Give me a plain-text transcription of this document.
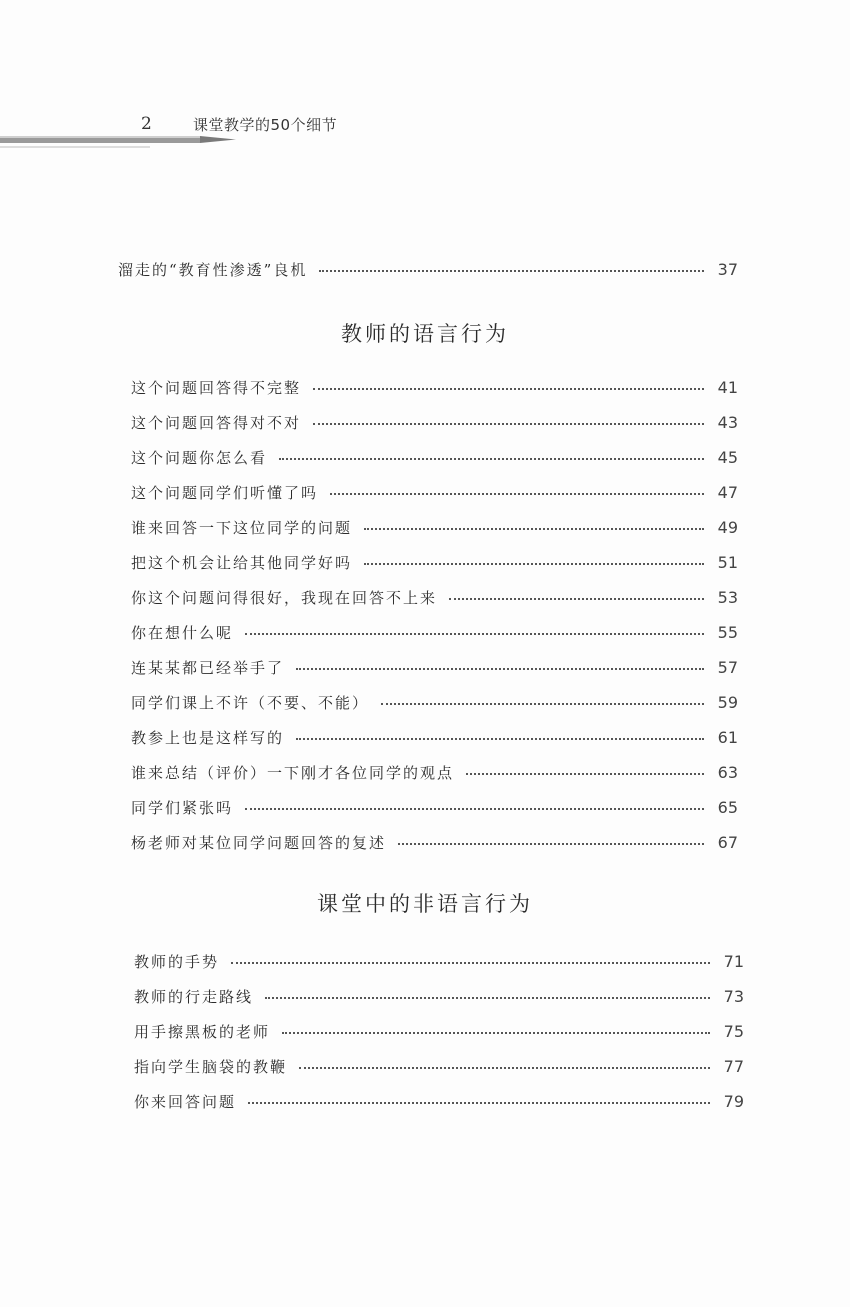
2	课堂教学的50个细节
溜走的“教育性渗透”良机	37
教师的语言行为
这个问题回答得不完整	41
这个问题回答得对不对	43
这个问题你怎么看	45
这个问题同学们听懂了吗	47
谁来回答一下这位同学的问题	49
把这个机会让给其他同学好吗	51
你这个问题问得很好，我现在回答不上来	53
你在想什么呢	55
连某某都已经举手了	57
同学们课上不许（不要、不能）	59
教参上也是这样写的	61
谁来总结（评价）一下刚才各位同学的观点	63
同学们紧张吗	65
杨老师对某位同学问题回答的复述	67
课堂中的非语言行为
教师的手势	71
教师的行走路线	73
用手擦黑板的老师	75
指向学生脑袋的教鞭	77
你来回答问题	79
